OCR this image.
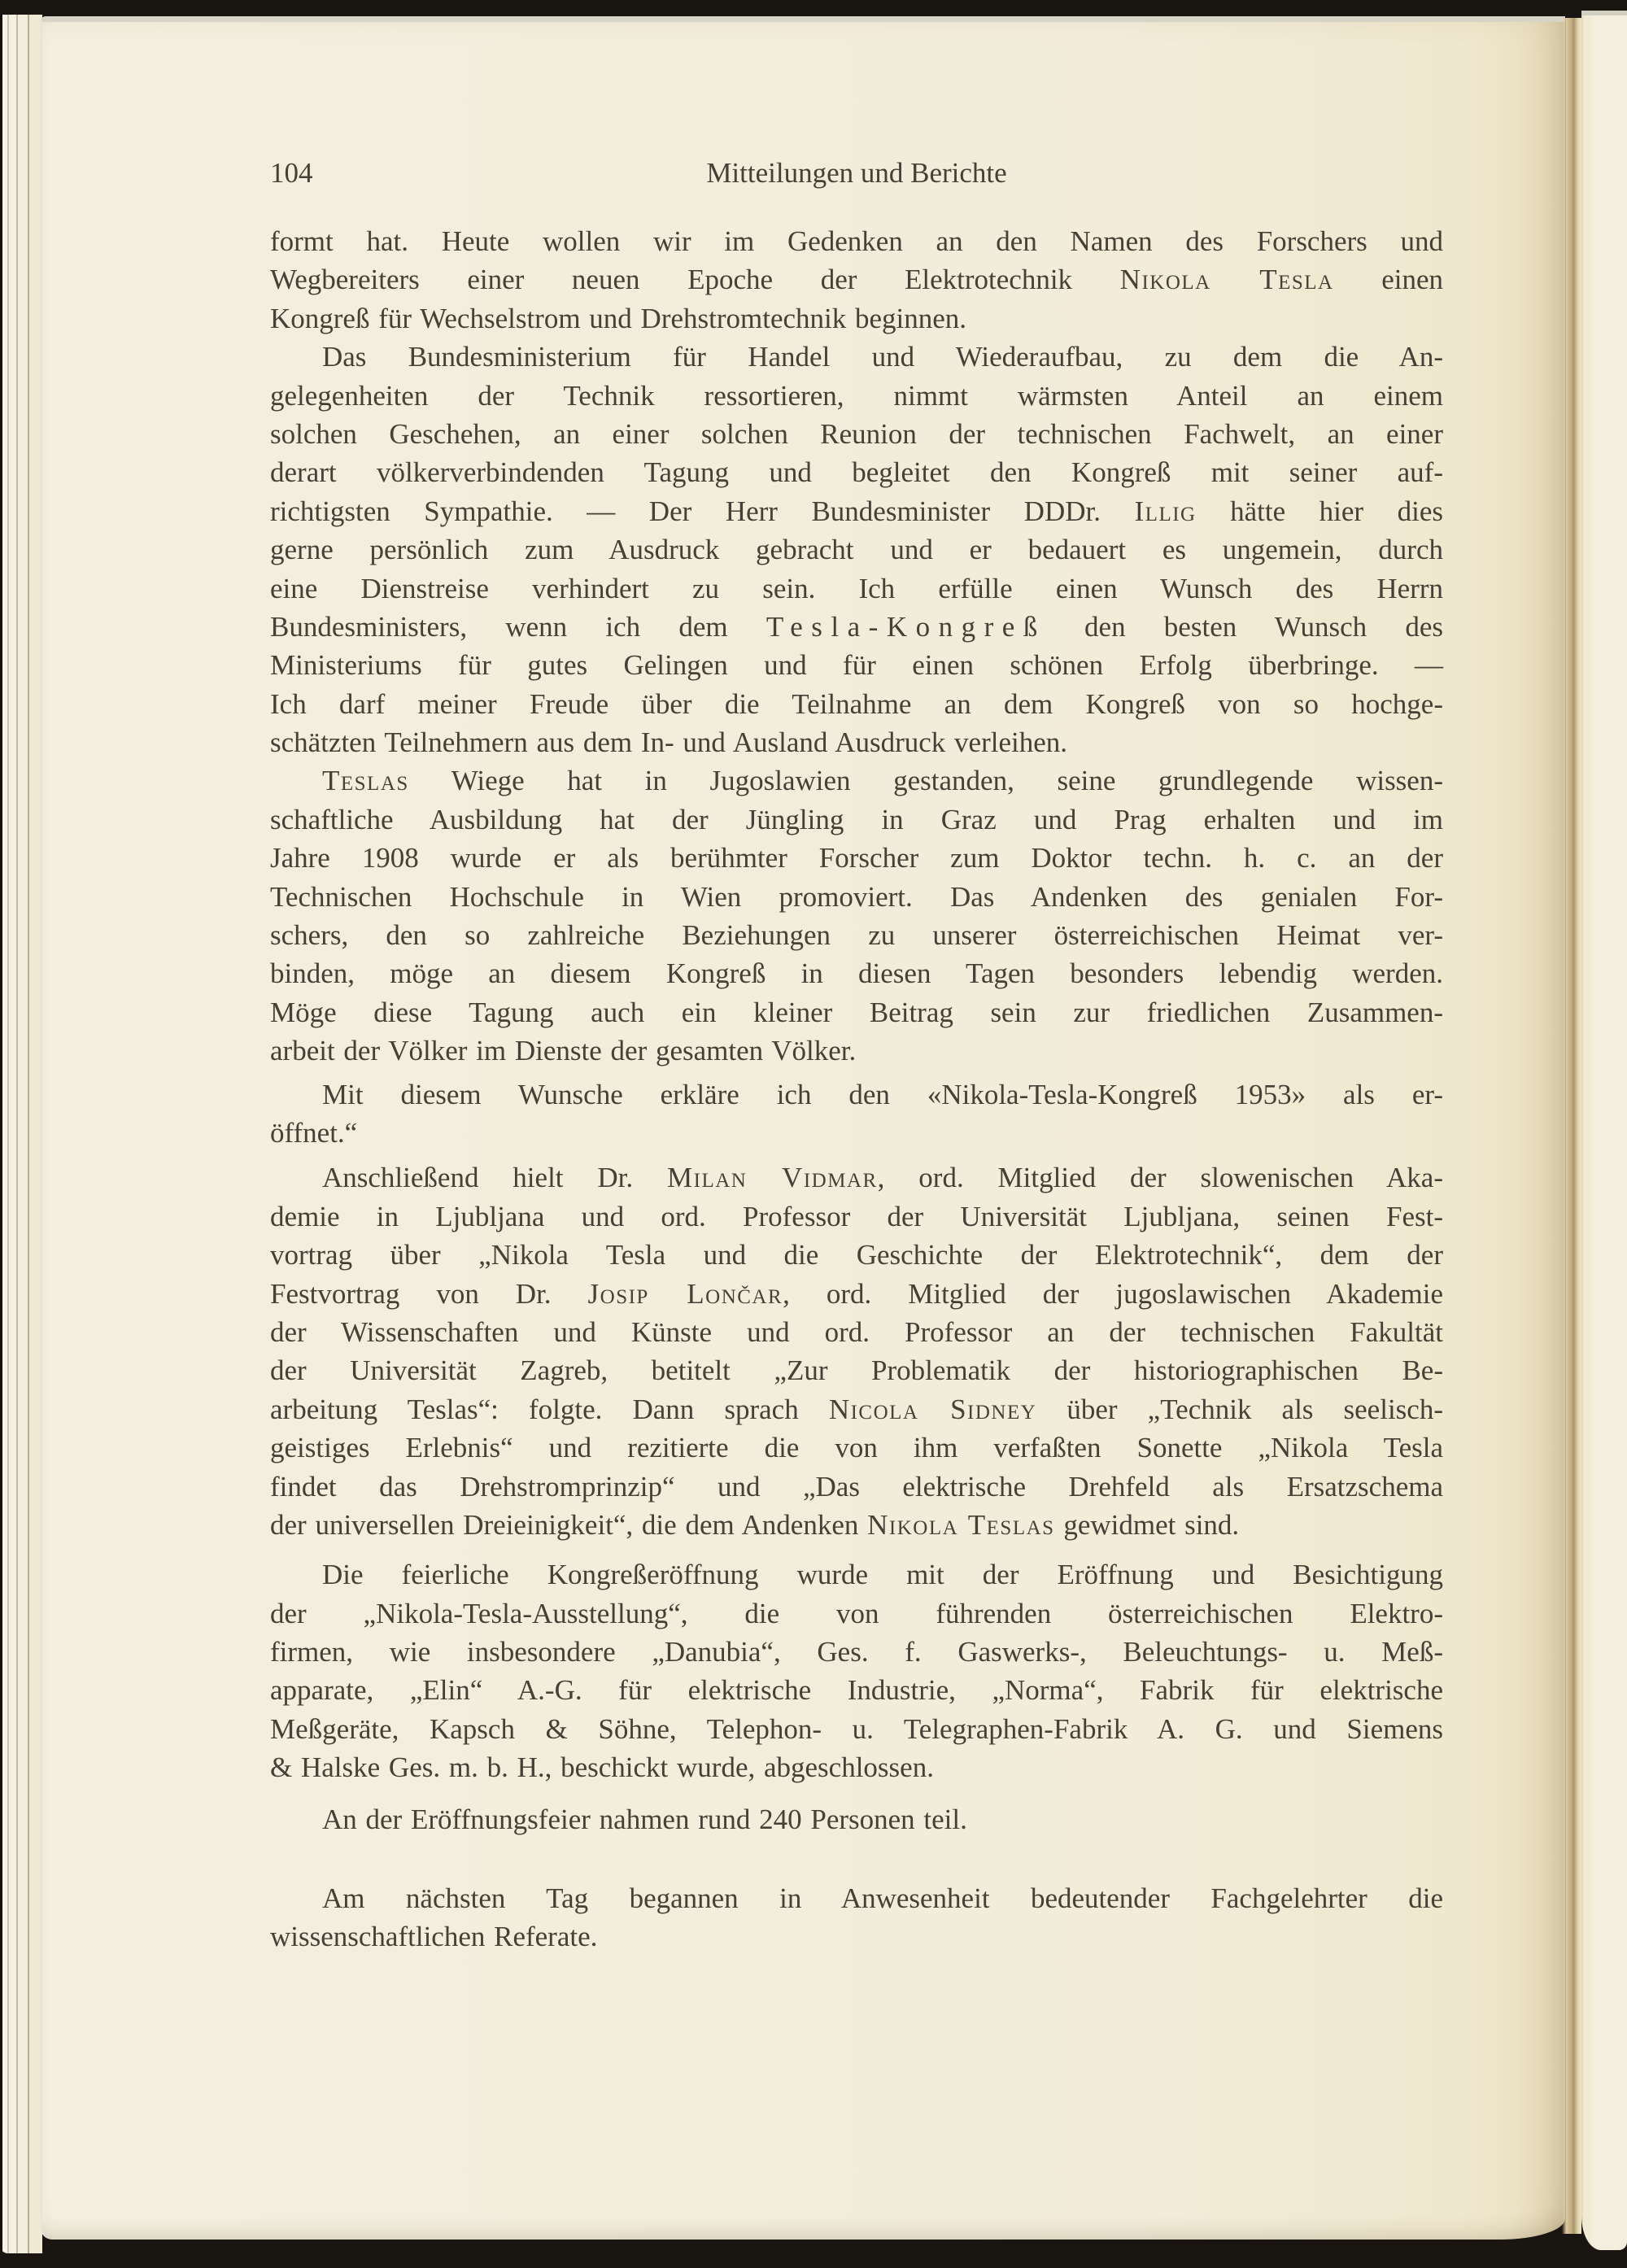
104	Mitteilungen und Berichte
formt hat. Heute wollen wir im Gedenken an den Namen des Forschers und
Wegbereiters einer neuen Epoche der Elektrotechnik Nikola Tesla einen
Kongreß für Wechselstrom und Drehstromtechnik beginnen.
Das Bundesministerium für Handel und Wiederaufbau, zu dem die An-
gelegenheiten der Technik ressortieren, nimmt wärmsten Anteil an einem
solchen Geschehen, an einer solchen Reunion der technischen Fachwelt, an einer
derart völkerverbindenden Tagung und begleitet den Kongreß mit seiner auf-
richtigsten Sympathie. — Der Herr Bundesminister DDDr. Illig hätte hier dies
gerne persönlich zum Ausdruck gebracht und er bedauert es ungemein, durch
eine Dienstreise verhindert zu sein. Ich erfülle einen Wunsch des Herrn
Bundesministers, wenn ich dem Tesla-Kongreß den besten Wunsch des
Ministeriums für gutes Gelingen und für einen schönen Erfolg überbringe. —
Ich darf meiner Freude über die Teilnahme an dem Kongreß von so hochge-
schätzten Teilnehmern aus dem In- und Ausland Ausdruck verleihen.
Teslas Wiege hat in Jugoslawien gestanden, seine grundlegende wissen-
schaftliche Ausbildung hat der Jüngling in Graz und Prag erhalten und im
Jahre 1908 wurde er als berühmter Forscher zum Doktor techn. h. c. an der
Technischen Hochschule in Wien promoviert. Das Andenken des genialen For-
schers, den so zahlreiche Beziehungen zu unserer österreichischen Heimat ver-
binden, möge an diesem Kongreß in diesen Tagen besonders lebendig werden.
Möge diese Tagung auch ein kleiner Beitrag sein zur friedlichen Zusammen-
arbeit der Völker im Dienste der gesamten Völker.
Mit diesem Wunsche erkläre ich den «Nikola-Tesla-Kongreß 1953» als er-
öffnet.“
Anschließend hielt Dr. Milan Vidmar, ord. Mitglied der slowenischen Aka-
demie in Ljubljana und ord. Professor der Universität Ljubljana, seinen Fest-
vortrag über „Nikola Tesla und die Geschichte der Elektrotechnik“, dem der
Festvortrag von Dr. Josip Lončar, ord. Mitglied der jugoslawischen Akademie
der Wissenschaften und Künste und ord. Professor an der technischen Fakultät
der Universität Zagreb, betitelt „Zur Problematik der historiographischen Be-
arbeitung Teslas“: folgte. Dann sprach Nicola Sidney über „Technik als seelisch-
geistiges Erlebnis“ und rezitierte die von ihm verfaßten Sonette „Nikola Tesla
findet das Drehstromprinzip“ und „Das elektrische Drehfeld als Ersatzschema
der universellen Dreieinigkeit“, die dem Andenken Nikola Teslas gewidmet sind.
Die feierliche Kongreßeröffnung wurde mit der Eröffnung und Besichtigung
der „Nikola-Tesla-Ausstellung“, die von führenden österreichischen Elektro-
firmen, wie insbesondere „Danubia“, Ges. f. Gaswerks-, Beleuchtungs- u. Meß-
apparate, „Elin“ A.-G. für elektrische Industrie, „Norma“, Fabrik für elektrische
Meßgeräte, Kapsch & Söhne, Telephon- u. Telegraphen-Fabrik A. G. und Siemens
& Halske Ges. m. b. H., beschickt wurde, abgeschlossen.
An der Eröffnungsfeier nahmen rund 240 Personen teil.
Am nächsten Tag begannen in Anwesenheit bedeutender Fachgelehrter die
wissenschaftlichen Referate.
